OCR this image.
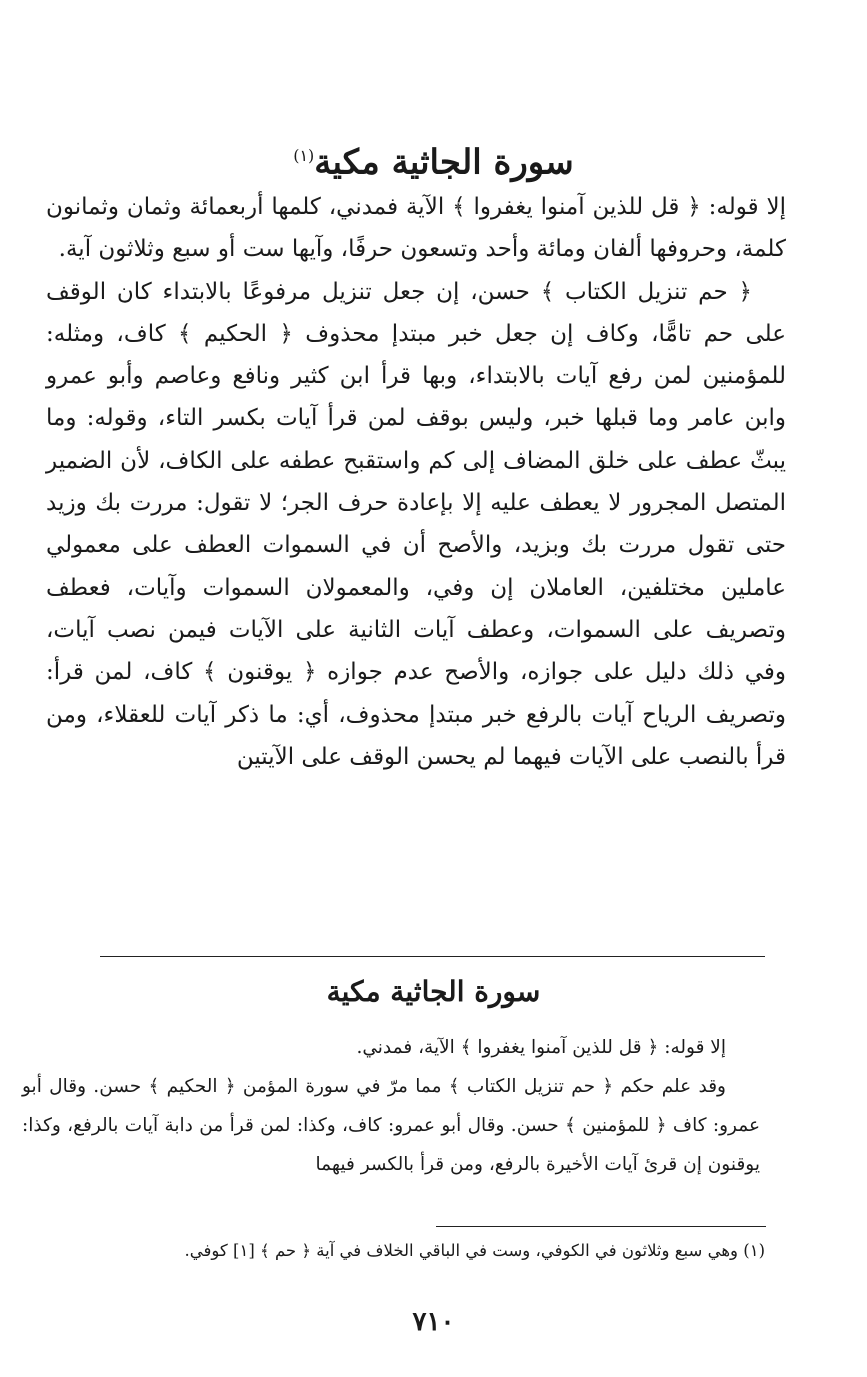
سورة الجاثية مكية$^{(١)}$

إلا قوله: ﴿ قل للذين آمنوا يغفروا ﴾ الآية فمدني، كلمها أربعمائة وثمان وثمانون كلمة، وحروفها ألفان ومائة وأحد وتسعون حرفًا، وآيها ست أو سبع وثلاثون آية.

﴿ حم تنزيل الكتاب ﴾ حسن، إن جعل تنزيل مرفوعًا بالابتداء كان الوقف على حم تامًّا، وكاف إن جعل خبر مبتدإ محذوف ﴿ الحكيم ﴾ كاف، ومثله: للمؤمنين لمن رفع آيات بالابتداء، وبها قرأ ابن كثير ونافع وعاصم وأبو عمرو وابن عامر وما قبلها خبر، وليس بوقف لمن قرأ آيات بكسر التاء، وقوله: وما يبثّ عطف على خلق المضاف إلى كم واستقبح عطفه على الكاف، لأن الضمير المتصل المجرور لا يعطف عليه إلا بإعادة حرف الجر؛ لا تقول: مررت بك وزيد حتى تقول مررت بك وبزيد، والأصح أن في السموات العطف على معمولي عاملين مختلفين، العاملان إن وفي، والمعمولان السموات وآيات، فعطف وتصريف على السموات، وعطف آيات الثانية على الآيات فيمن نصب آيات، وفي ذلك دليل على جوازه، والأصح عدم جوازه ﴿ يوقنون ﴾ كاف، لمن قرأ: وتصريف الرياح آيات بالرفع خبر مبتدإ محذوف، أي: ما ذكر آيات للعقلاء، ومن قرأ بالنصب على الآيات فيهما لم يحسن الوقف على الآيتين

سورة الجاثية مكية

إلا قوله: ﴿ قل للذين آمنوا يغفروا ﴾ الآية، فمدني.

وقد علم حكم ﴿ حم تنزيل الكتاب ﴾ مما مرّ في سورة المؤمن ﴿ الحكيم ﴾ حسن. وقال أبو عمرو: كاف ﴿ للمؤمنين ﴾ حسن. وقال أبو عمرو: كاف، وكذا: لمن قرأ من دابة آيات بالرفع، وكذا: يوقنون إن قرئ آيات الأخيرة بالرفع، ومن قرأ بالكسر فيهما

(١) وهي سبع وثلاثون في الكوفي، وست في الباقي الخلاف في آية ﴿ حم ﴾ [١] كوفي.

٧١٠
